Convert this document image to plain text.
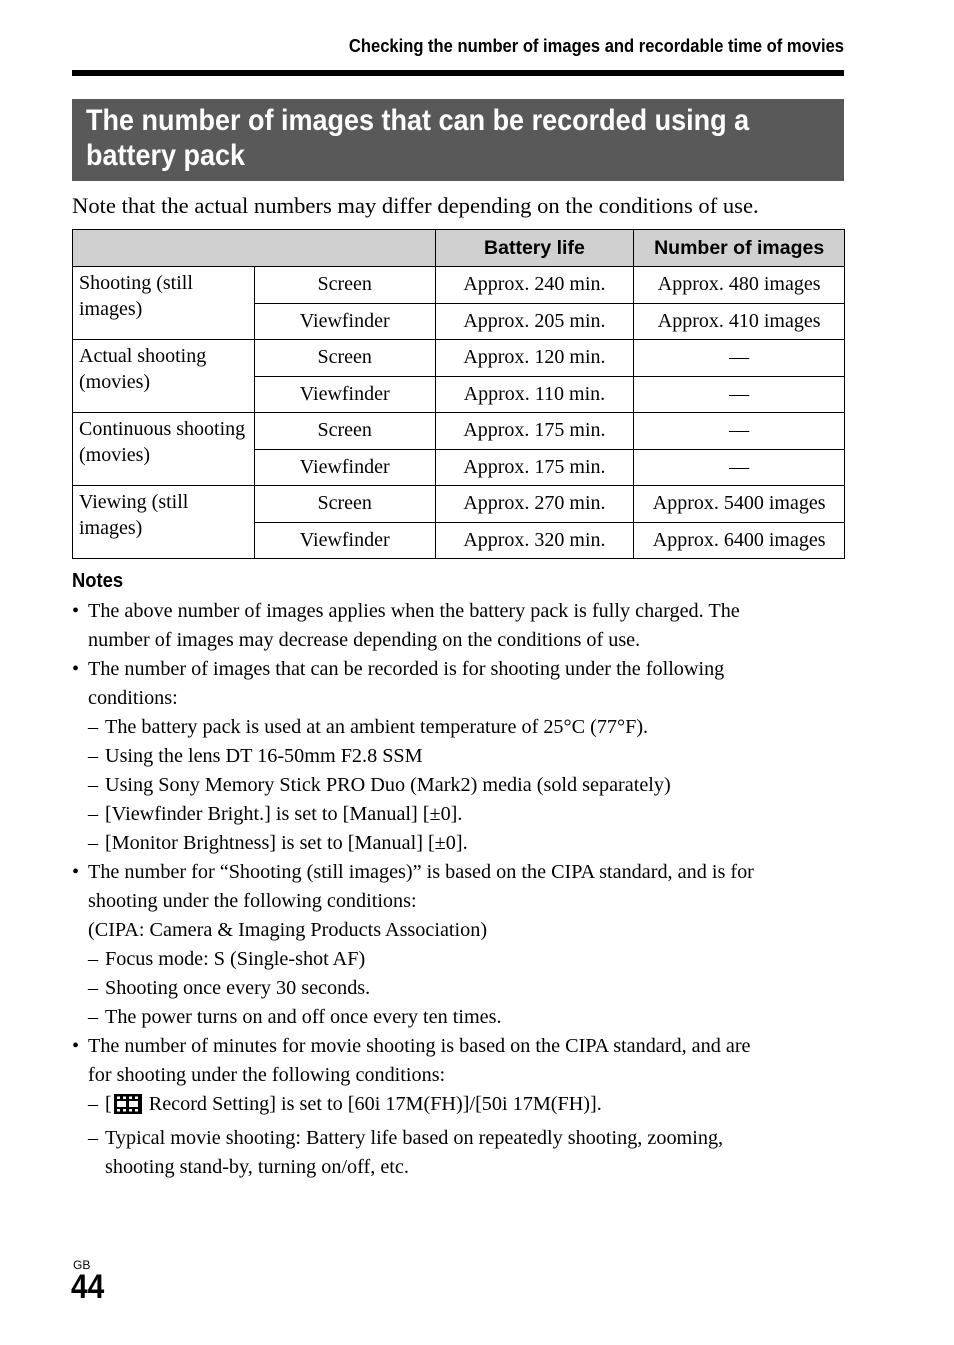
Checking the number of images and recordable time of movies
The number of images that can be recorded using a
battery pack
Note that the actual numbers may differ depending on the conditions of use.
		Battery life	Number of images
Shooting (still images)	Screen	Approx. 240 min.	Approx. 480 images
	Viewfinder	Approx. 205 min.	Approx. 410 images
Actual shooting (movies)	Screen	Approx. 120 min.	—
	Viewfinder	Approx. 110 min.	—
Continuous shooting (movies)	Screen	Approx. 175 min.	—
	Viewfinder	Approx. 175 min.	—
Viewing (still images)	Screen	Approx. 270 min.	Approx. 5400 images
	Viewfinder	Approx. 320 min.	Approx. 6400 images
Notes
• The above number of images applies when the battery pack is fully charged. The
number of images may decrease depending on the conditions of use.
• The number of images that can be recorded is for shooting under the following
conditions:
– The battery pack is used at an ambient temperature of 25°C (77°F).
– Using the lens DT 16-50mm F2.8 SSM
– Using Sony Memory Stick PRO Duo (Mark2) media (sold separately)
– [Viewfinder Bright.] is set to [Manual] [±0].
– [Monitor Brightness] is set to [Manual] [±0].
• The number for “Shooting (still images)” is based on the CIPA standard, and is for
shooting under the following conditions:
(CIPA: Camera & Imaging Products Association)
– Focus mode: S (Single-shot AF)
– Shooting once every 30 seconds.
– The power turns on and off once every ten times.
• The number of minutes for movie shooting is based on the CIPA standard, and are
for shooting under the following conditions:
– [ Record Setting] is set to [60i 17M(FH)]/[50i 17M(FH)].
– Typical movie shooting: Battery life based on repeatedly shooting, zooming,
shooting stand-by, turning on/off, etc.
GB
44
